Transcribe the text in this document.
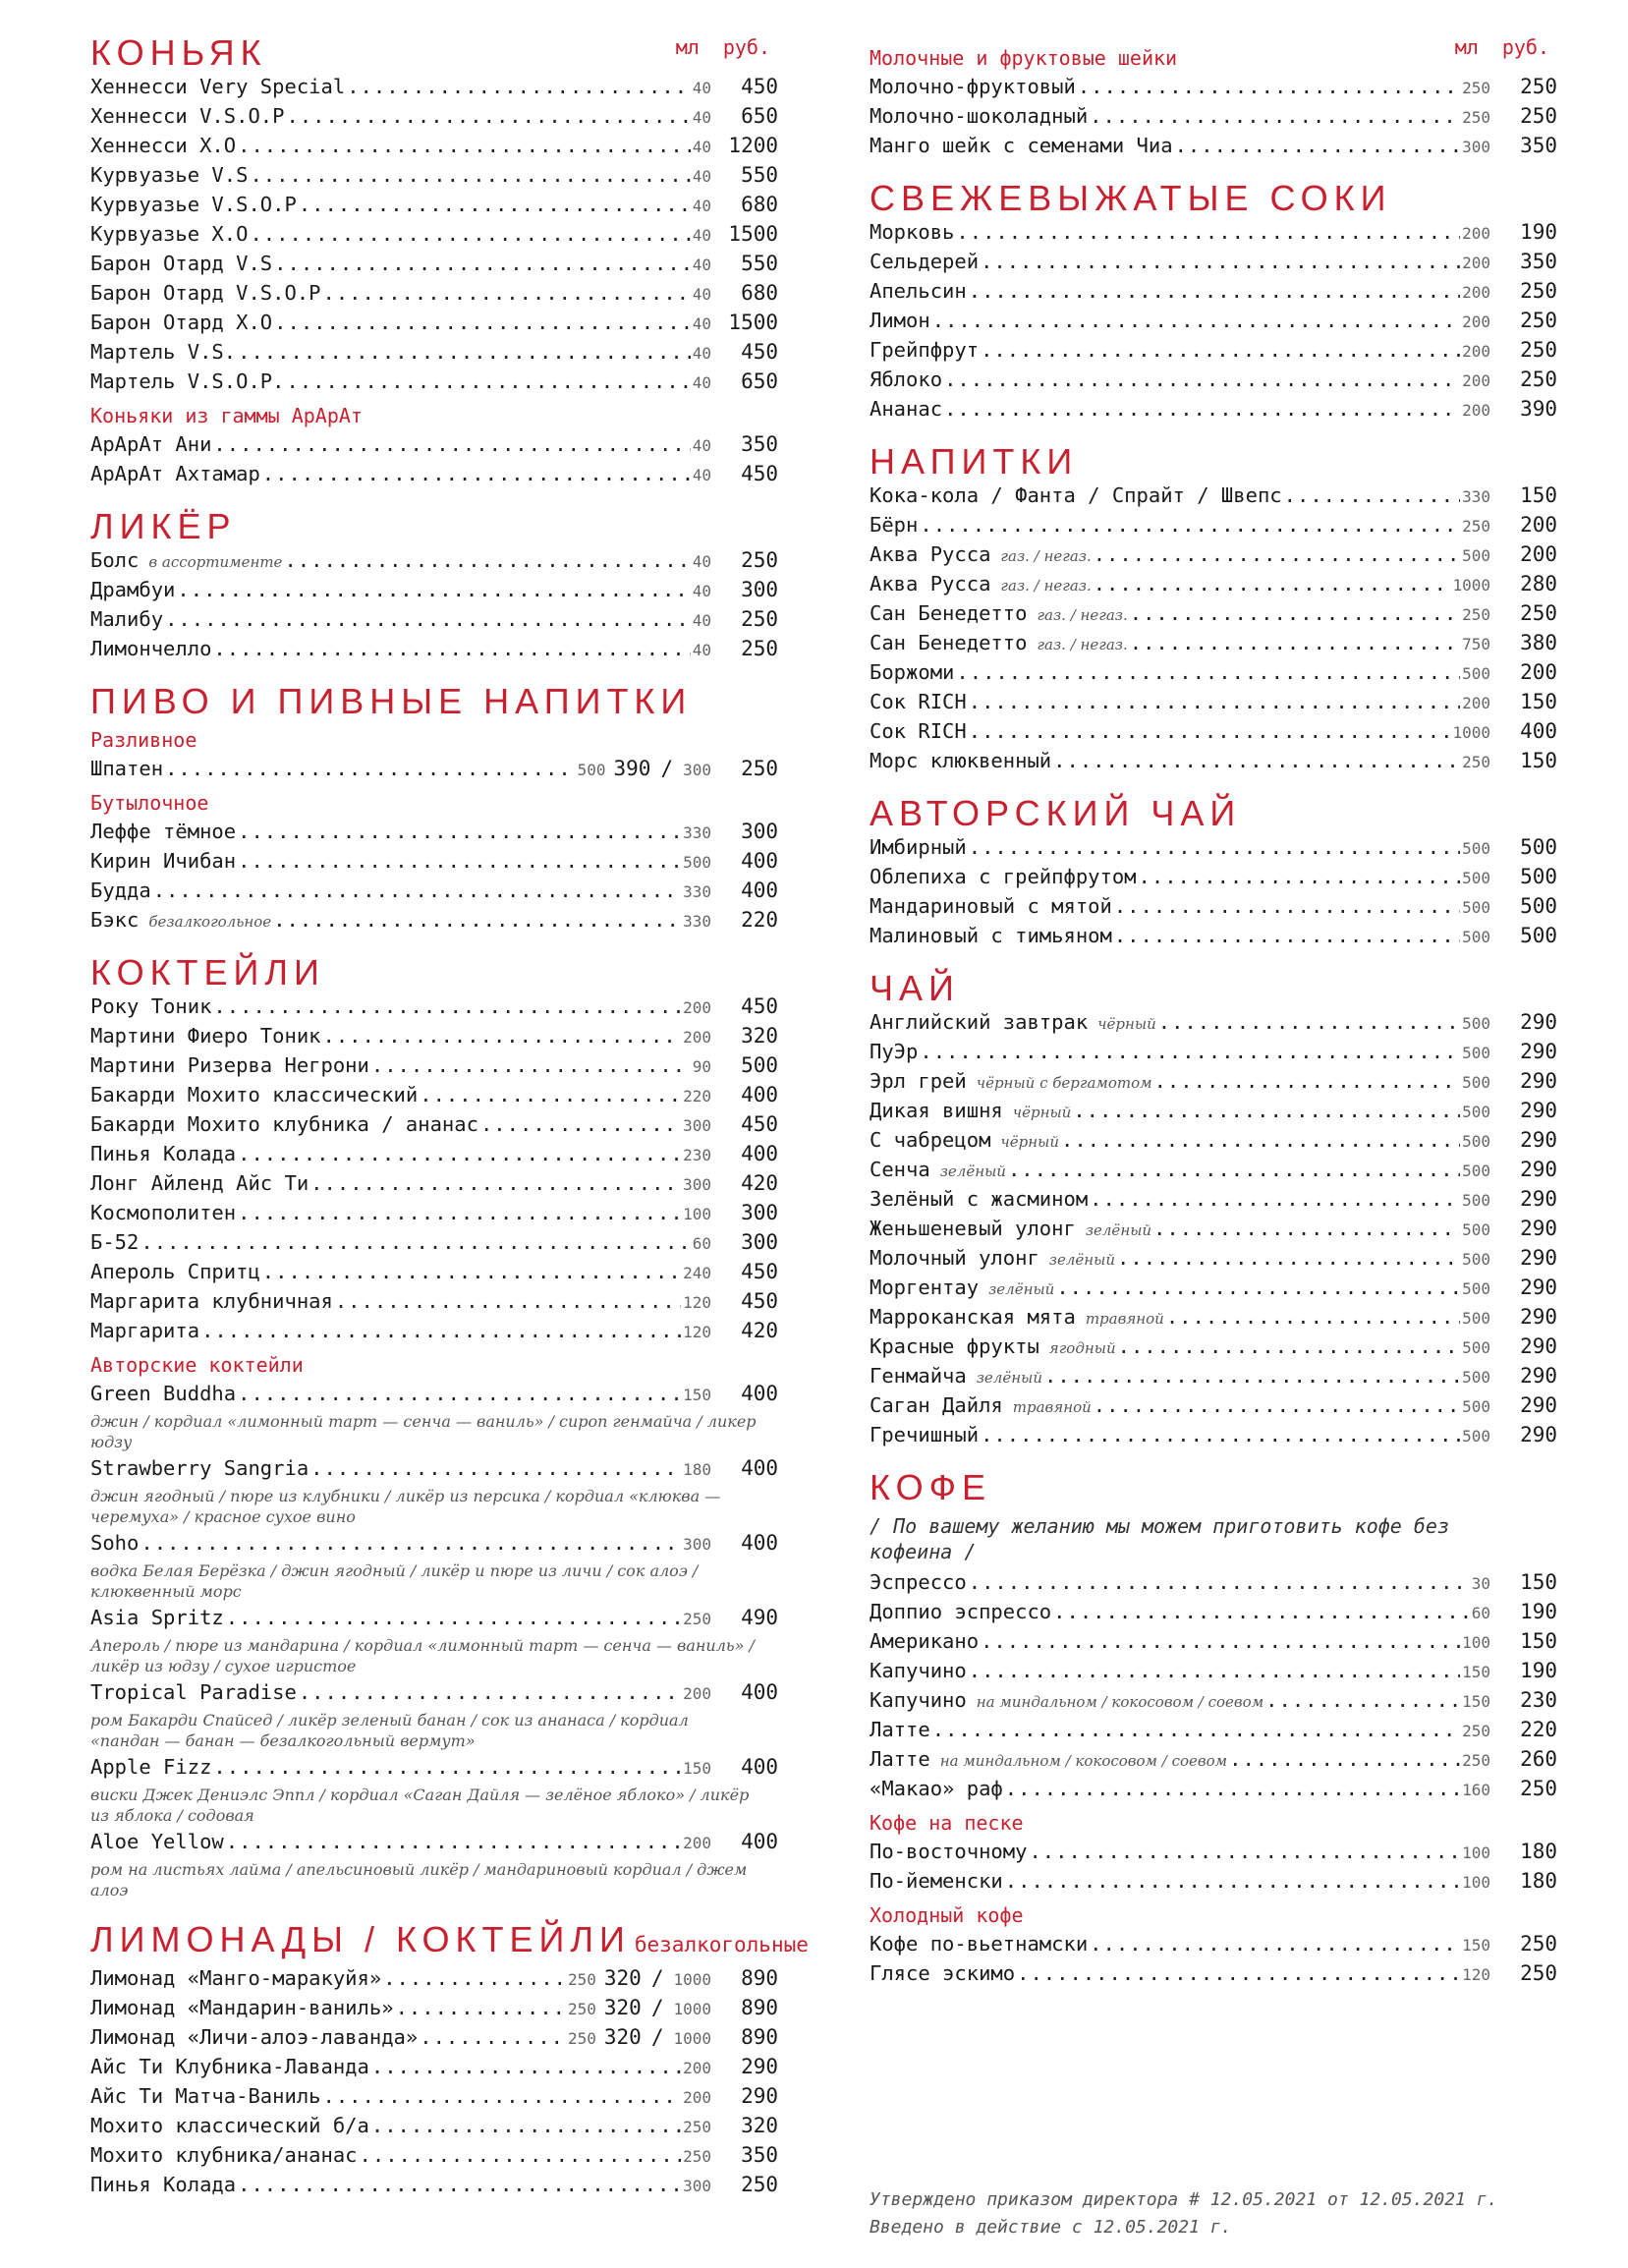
КОНЬЯК	мл руб.
Хеннесси Very Special .....	40	450
Хеннесси V.S.O.P .....	40	650
Хеннесси X.O .....	40 1200
Курвуазье V.S .....	40	550
Курвуазье V.S.O.P .....	40	680
Курвуазье X.O .....	40 1500
Барон Отард V.S .....	40	550
Барон Отард V.S.O.P .....	40	680
Барон Отард X.O .....	40 1500
Мартель V.S. .....	40	450
Мартель V.S.O.P. .....	40	650
Коньяки из гаммы АрАрАт
АрАрАт Ани .....	40	350
АрАрАт Ахтамар .....	40	450
ЛИКЁР
Болс в ассортименте .....	40	250
Драмбуи .....	40	300
Малибу .....	40	250
Лимончелло .....	40	250
ПИВО И ПИВНЫЕ НАПИТКИ
Разливное
Шпатен .....	500 390 / 300	250
Бутылочное
Леффе тёмное .....	330	300
Кирин Ичибан .....	500	400
Будда .....	330	400
Бэкс безалкогольное .....	330	220
КОКТЕЙЛИ
Року Тоник .....	200	450
Мартини Фиеро Тоник .....	200	320
Мартини Ризерва Негрони .....	90	500
Бакарди Мохито классический .....	220	400
Бакарди Мохито клубника / ананас .....	300	450
Пинья Колада .....	230	400
Лонг Айленд Айс Ти .....	300	420
Космополитен .....	100	300
Б-52 .....	60	300
Апероль Спритц .....	240	450
Маргарита клубничная .....	120	450
Маргарита .....	120	420
Авторские коктейли
Green Buddha .....	150	400
джин / кордиал «лимонный тарт — сенча — ваниль» / сироп генмайча / ликер юдзу
Strawberry Sangria .....	180	400
джин ягодный / пюре из клубники / ликёр из персика / кордиал «клюква — черемуха» / красное сухое вино
Soho .....	300	400
водка Белая Берёзка / джин ягодный / ликёр и пюре из личи / сок алоэ / клюквенный морс
Asia Spritz .....	250	490
Апероль / пюре из мандарина / кордиал «лимонный тарт — сенча — ваниль» / ликёр из юдзу / сухое игристое
Tropical Paradise .....	200	400
ром Бакарди Спайсед / ликёр зеленый банан / сок из ананаса / кордиал «пандан — банан — безалкогольный вермут»
Apple Fizz .....	150	400
виски Джек Дениэлс Эппл / кордиал «Саган Дайля — зелёное яблоко» / ликёр из яблока / содовая
Aloe Yellow .....	200	400
ром на листьях лайма / апельсиновый ликёр / мандариновый кордиал / джем алоэ
ЛИМОНАДЫ / КОКТЕЙЛИ безалкогольные
Лимонад «Манго-маракуйя» .....	250 320 / 1000	890
Лимонад «Мандарин-ваниль» .....	250 320 / 1000	890
Лимонад «Личи-алоэ-лаванда» .....	250 320 / 1000	890
Айс Ти Клубника-Лаванда .....	200	290
Айс Ти Матча-Ваниль .....	200	290
Мохито классический б/а .....	250	320
Мохито клубника/ананас .....	250	350
Пинья Колада .....	300	250
Молочные и фруктовые шейки	мл руб.
Молочно-фруктовый .....	250	250
Молочно-шоколадный .....	250	250
Манго шейк с семенами Чиа .....	300	350
СВЕЖЕВЫЖАТЫЕ СОКИ
Морковь .....	200	190
Сельдерей .....	200	350
Апельсин .....	200	250
Лимон .....	200	250
Грейпфрут .....	200	250
Яблоко .....	200	250
Ананас .....	200	390
НАПИТКИ
Кока-кола / Фанта / Спрайт / Швепс .....	330	150
Бёрн .....	250	200
Аква Русса газ. / негаз. .....	500	200
Аква Русса газ. / негаз. .....	1000	280
Сан Бенедетто газ. / негаз. .....	250	250
Сан Бенедетто газ. / негаз. .....	750	380
Боржоми .....	500	200
Сок RICH .....	200	150
Сок RICH .....	1000	400
Морс клюквенный .....	250	150
АВТОРСКИЙ ЧАЙ
Имбирный .....	500	500
Облепиха с грейпфрутом .....	500	500
Мандариновый с мятой .....	500	500
Малиновый с тимьяном .....	500	500
ЧАЙ
Английский завтрак чёрный .....	500	290
ПуЭр .....	500	290
Эрл грей чёрный с бергамотом .....	500	290
Дикая вишня чёрный .....	500	290
С чабрецом чёрный .....	500	290
Сенча зелёный .....	500	290
Зелёный с жасмином .....	500	290
Женьшеневый улонг зелёный .....	500	290
Молочный улонг зелёный .....	500	290
Моргентау зелёный .....	500	290
Марроканская мята травяной .....	500	290
Красные фрукты ягодный .....	500	290
Генмайча зелёный .....	500	290
Саган Дайля травяной .....	500	290
Гречишный .....	500	290
КОФЕ
/ По вашему желанию мы можем приготовить кофе без кофеина /
Эспрессо .....	30	150
Доппио эспрессо .....	60	190
Американо .....	100	150
Капучино .....	150	190
Капучино на миндальном / кокосовом / соевом .....	150	230
Латте .....	250	220
Латте на миндальном / кокосовом / соевом .....	250	260
«Макао» раф .....	160	250
Кофе на песке
По-восточному .....	100	180
По-йеменски .....	100	180
Холодный кофе
Кофе по-вьетнамски .....	150	250
Глясе эскимо .....	120	250
Утверждено приказом директора # 12.05.2021 от 12.05.2021 г.
Введено в действие с 12.05.2021 г.
